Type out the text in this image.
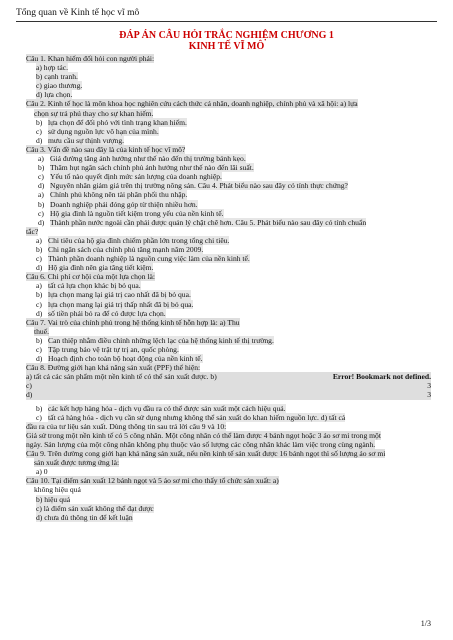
Tổng quan về Kinh tế học vĩ mô
ĐÁP ÁN CÂU HỎI TRẮC NGHIỆM CHƯƠNG 1
KINH TẾ VĨ MÔ
Câu 1. Khan hiếm đối hỏi con người phải:
a) hợp tác.
b) cạnh tranh.
c) giao thương.
d) lựa chọn.
Câu 2. Kinh tế học là môn khoa học nghiên cứu cách thức cá nhân, doanh nghiệp, chính phủ và xã hội: a) lựa
chọn sự trả phú thay cho sự khan hiếm.
b) lựa chọn để đối phó với tình trạng khan hiếm.
c) sử dụng nguồn lực vô hạn của mình.
d) mưu cầu sự thịnh vượng.
Câu 3. Vấn đề nào sau đây là của kinh tế học vĩ mô?
a) Giá đường tăng ảnh hưởng như thế nào đến thị trường bánh kẹo.
b) Thâm hụt ngân sách chính phủ ảnh hưởng như thế nào đến lãi suất.
c) Yếu tố nào quyết định mức sản lượng của doanh nghiệp.
d) Nguyên nhân giảm giá trên thị trường nông sản. Câu 4. Phát biểu nào sau đây có tính thực chứng?
a) Chính phủ không nên tài phân phối thu nhập.
b) Doanh nghiệp phải đóng góp từ thiện nhiều hơn.
c) Hộ gia đình là nguồn tiết kiệm trong yếu của nền kinh tế.
d) Thành phần nước ngoài cần phải được quản lý chặt chẽ hơn. Câu 5. Phát biểu nào sau đây có tính chuẩn
tắc?
a) Chi tiêu của hộ gia đình chiếm phần lớn trong tổng chi tiêu.
b) Chi ngân sách của chính phủ tăng mạnh năm 2009.
c) Thành phần doanh nghiệp là nguồn cung việc làm của nền kinh tế.
d) Hộ gia đình nên gia tăng tiết kiệm.
Câu 6. Chi phí cơ hội của một lựa chọn là:
a) tất cả lựa chọn khác bị bỏ qua.
b) lựa chọn mang lại giá trị cao nhất đã bị bỏ qua.
c) lựa chọn mang lại giá trị thấp nhất đã bị bỏ qua.
d) số tiền phải bỏ ra để có được lựa chọn.
Câu 7. Vai trò của chính phủ trong hệ thống kinh tế hỗn hợp là: a) Thu
thuế.
b) Can thiệp nhằm điều chỉnh những lệch lạc của hệ thống kinh tế thị trường.
c) Tập trung bảo vệ trật tự trị an, quốc phòng.
d) Hoạch định cho toàn bộ hoạt động của nền kinh tế.
Câu 8. Đường giới hạn khả năng sản xuất (PPF) thể hiện:
a) tất cả các sản phẩm một nền kinh tế có thể sản xuất được. b)	Error! Bookmark not defined.
c)	3
d)	3
b) các kết hợp hàng hóa - dịch vụ đầu ra có thể được sản xuất một cách hiệu quả.
c) tất cả hàng hóa - dịch vụ cần sử dụng nhưng không thể sản xuất do khan hiếm nguồn lực. d) tất cả
đầu ra của tư liệu sản xuất. Dùng thông tin sau trả lời câu 9 và 10:
Giả sử trong một nền kinh tế có 5 công nhân. Một công nhân có thể làm được 4 bánh ngọt hoặc 3 áo sơ mi trong một
ngày. Sản lượng của một công nhân không phụ thuộc vào số lượng các công nhân khác làm việc trong cùng ngành.
Câu 9. Trên đường cong giới hạn khả năng sản xuất, nếu nền kinh tế sản xuất được 16 bánh ngọt thì số lượng áo sơ mi
sản xuất được tương ứng là:
a) 0
Câu 10. Tại điểm sản xuất 12 bánh ngọt và 5 áo sơ mi cho thấy tổ chức sản xuất: a)
không hiệu quả
b) hiệu quả
c) là điểm sản xuất không thể đạt được
d) chưa đủ thông tin để kết luận
1/3
